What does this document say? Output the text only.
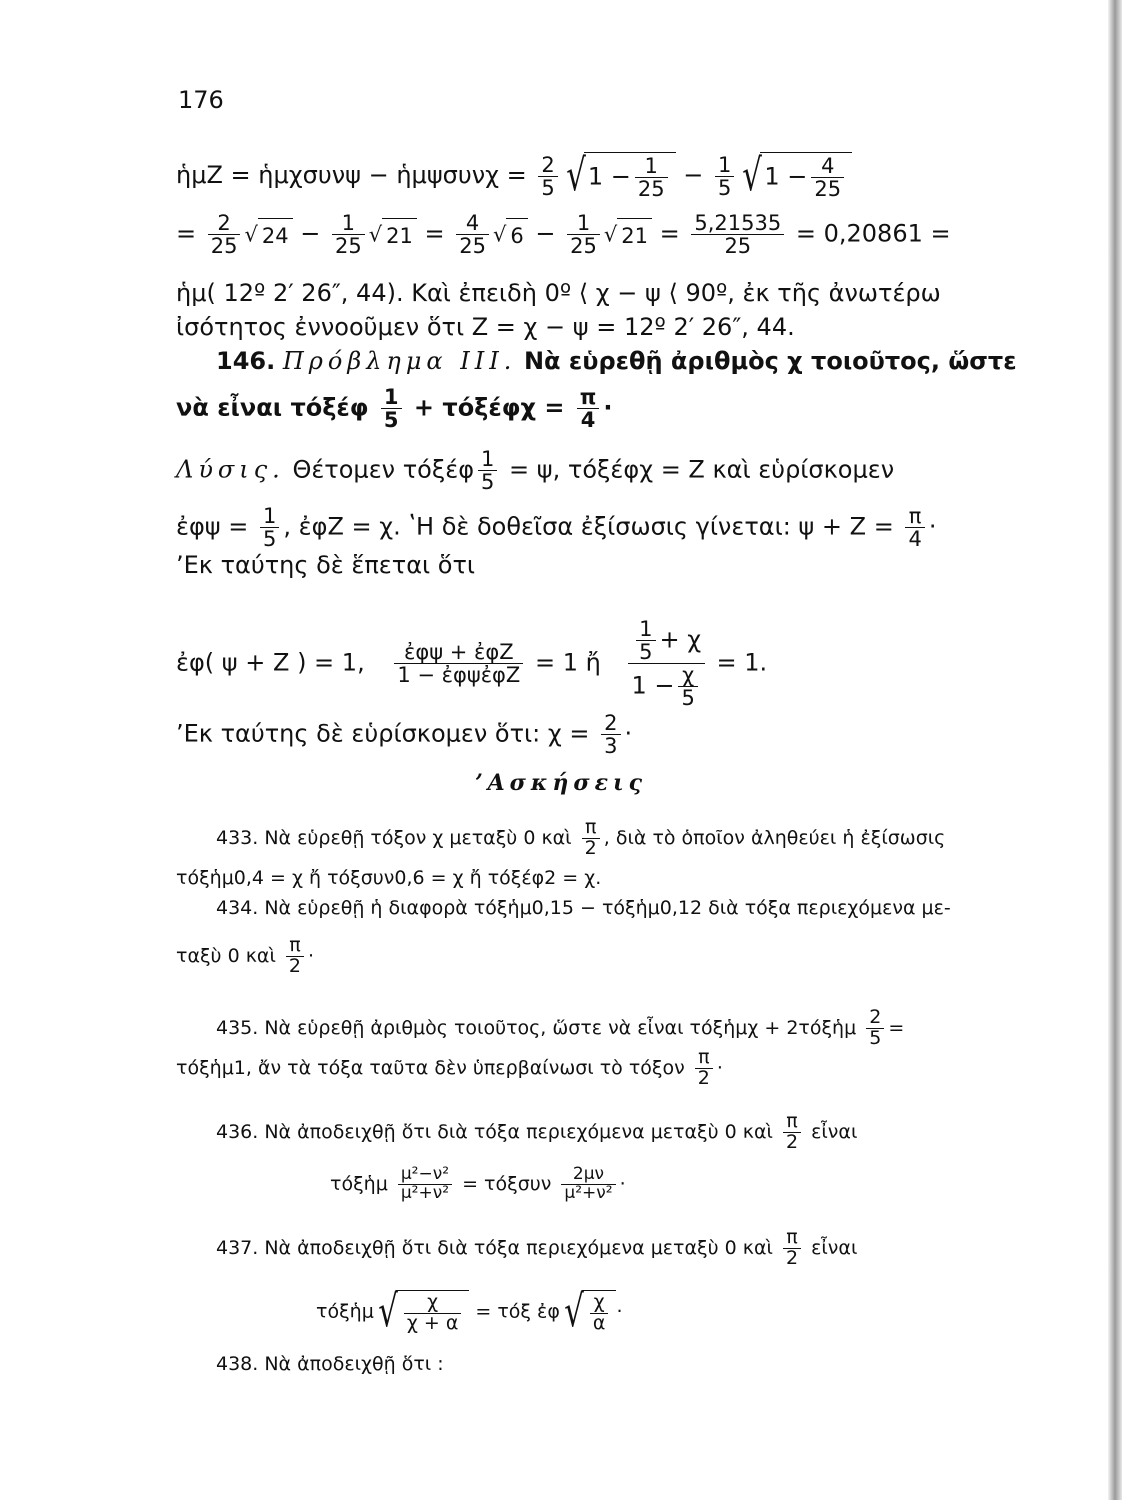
176
ἡμZ = ἡμχσυνψ − ἡμψσυνχ = $\frac{2}{5} √1 - \frac{1}{25} - \frac{1}{5} √1 - \frac{4}{25}$
= $\frac{2}{25}$ √ $24 - \frac{1}{25}$ √ $21 = \frac{4}{25}$ √ $6 - \frac{1}{25}$ √ $21 = \frac{5,21535}{25} = 0,20861$ =
ἡμ( 12º 2′ 26″, 44). Καὶ ἐπειδὴ 0º ⟨ χ − ψ ⟨ 90º, ἐκ τῆς ἀνωτέρω
ἰσότητος ἐννοοῦμεν ὅτι Z = χ − ψ = 12º 2′ 26″, 44.
146. Πρόβλημα III. Νὰ εὑρεθῇ ἀριθμὸς χ τοιοῦτος, ὥστε
νὰ εἶναι τόξέφ $\frac{1}{5} + \tau ό\xi έ\varphi\chi = \frac{\pi}{4}$ ·
Λύσις. Θέτομεν τόξέφ $\frac{1}{5} = \psi$, τόξέφχ = Z καὶ εὑρίσκομεν
ἐφψ = $\frac{1}{5}$ , ἐφZ = χ. ʽΗ δὲ δοθεῖσα ἐξίσωσις γίνεται: $\psi + Z = \frac{\pi}{4}$ ·
ʼΕκ ταύτης δὲ ἕπεται ὅτι
ἐφ( ψ + Z ) = 1, $\frac{\text{ἐφψ + ἐφZ}}{\text{1 − ἐφψἐφZ}} = 1$ ἤ $\frac{\frac{1}{5} + \chi}{1 - \frac{\chi}{5}} = 1$.
ʼΕκ ταύτης δὲ εὑρίσκομεν ὅτι: $\chi = \frac{2}{3}$ ·
ʼΑσκήσεις
433. Νὰ εὑρεθῇ τόξον χ μεταξὺ 0 καὶ $\frac{\pi}{2}$ , διὰ τὸ ὁποῖον ἀληθεύει ἡ ἐξίσωσις
τόξἡμ0,4 = χ ἤ τόξσυν0,6 = χ ἤ τόξέφ2 = χ.
434. Νὰ εὑρεθῇ ἡ διαφορὰ τόξἡμ0,15 − τόξἡμ0,12 διὰ τόξα περιεχόμενα με-
ταξὺ 0 καὶ $\frac{\pi}{2}$ ·
435. Νὰ εὑρεθῇ ἀριθμὸς τοιοῦτος, ὥστε νὰ εἶναι τόξἡμχ + 2τόξἡμ $\frac{2}{5}$ =
τόξἡμ1, ἄν τὰ τόξα ταῦτα δὲν ὑπερβαίνωσι τὸ τόξον $\frac{\pi}{2}$ ·
436. Νὰ ἀποδειχθῇ ὅτι διὰ τόξα περιεχόμενα μεταξὺ 0 καὶ $\frac{\pi}{2}$ εἶναι
τόξἡμ $\frac{\text{μ²−ν²}}{\text{μ²+ν²}} = \tau ό\xi\sigma\upsilon\nu \frac{2\mu\nu}{\text{μ²+ν²}}$ ·
437. Νὰ ἀποδειχθῇ ὅτι διὰ τόξα περιεχόμενα μεταξὺ 0 καὶ $\frac{\pi}{2}$ εἶναι
τόξἡμ√ $\frac{\chi}{\chi + \alpha} = \tau ό\xi$ ἐφ√ $\frac{\chi}{\alpha}$ ·
438. Νὰ ἀποδειχθῇ ὅτι :
